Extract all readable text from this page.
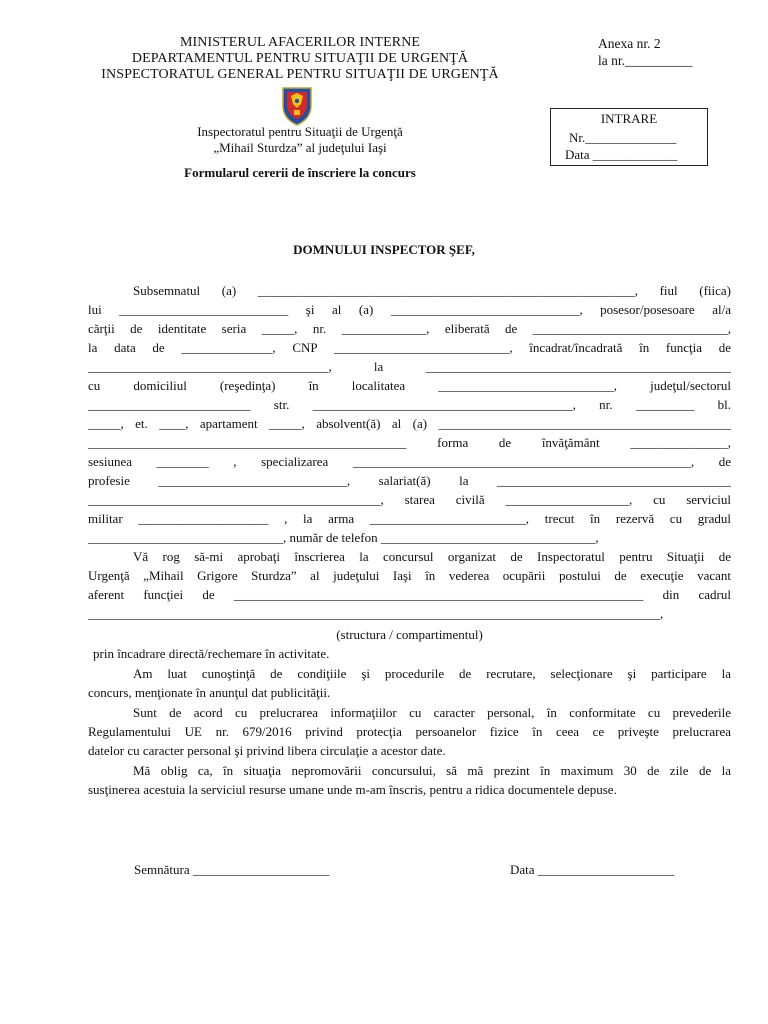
MINISTERUL AFACERILOR INTERNE
DEPARTAMENTUL PENTRU SITUAŢII DE URGENŢĂ
INSPECTORATUL GENERAL PENTRU SITUAŢII DE URGENŢĂ
Anexa nr. 2
la nr.__________
Inspectoratul pentru Situaţii de Urgenţă
„Mihail Sturdza” al judeţului Iaşi
Formularul cererii de înscriere la concurs
INTRARE
Nr.______________
Data _____________
DOMNULUI INSPECTOR ŞEF,
Subsemnatul (a) __________________________________________________________, fiul (fiica)
lui __________________________ şi al (a) _____________________________, posesor/posesoare al/a
cărţii de identitate seria _____, nr. _____________, eliberată de ______________________________,
la data de ______________, CNP ___________________________, încadrat/încadrată în funcţia de
_____________________________________, la _______________________________________________
cu domiciliul (reşedinţa) în localitatea ___________________________, judeţul/sectorul
_________________________ str. ________________________________________, nr. _________ bl.
_____, et. ____, apartament _____, absolvent(ă) al (a) _____________________________________________
_________________________________________________ forma de învăţământ _______________,
sesiunea ________ , specializarea ____________________________________________________, de
profesie _____________________________, salariat(ă) la ____________________________________
_____________________________________________, starea civilă ___________________, cu serviciul
militar ____________________ , la arma ________________________, trecut în rezervă cu gradul
______________________________, număr de telefon _________________________________,
Vă rog să-mi aprobaţi înscrierea la concursul organizat de Inspectoratul pentru Situaţii de
Urgenţă „Mihail Grigore Sturdza” al judeţului Iaşi în vederea ocupării postului de execuţie vacant
aferent funcţiei de _______________________________________________________________ din cadrul
________________________________________________________________________________________,
(structura / compartimentul)
prin încadrare directă/rechemare în activitate.
Am luat cunoştinţă de condiţiile şi procedurile de recrutare, selecţionare şi participare la
concurs, menţionate în anunţul dat publicităţii.
Sunt de acord cu prelucrarea informaţiilor cu caracter personal, în conformitate cu prevederile
Regulamentului UE nr. 679/2016 privind protecţia persoanelor fizice în ceea ce priveşte prelucrarea
datelor cu caracter personal şi privind libera circulaţie a acestor date.
Mă oblig ca, în situaţia nepromovării concursului, să mă prezint în maximum 30 de zile de la
susţinerea acestuia la serviciul resurse umane unde m-am înscris, pentru a ridica documentele depuse.
Semnătura _____________________	Data _____________________
